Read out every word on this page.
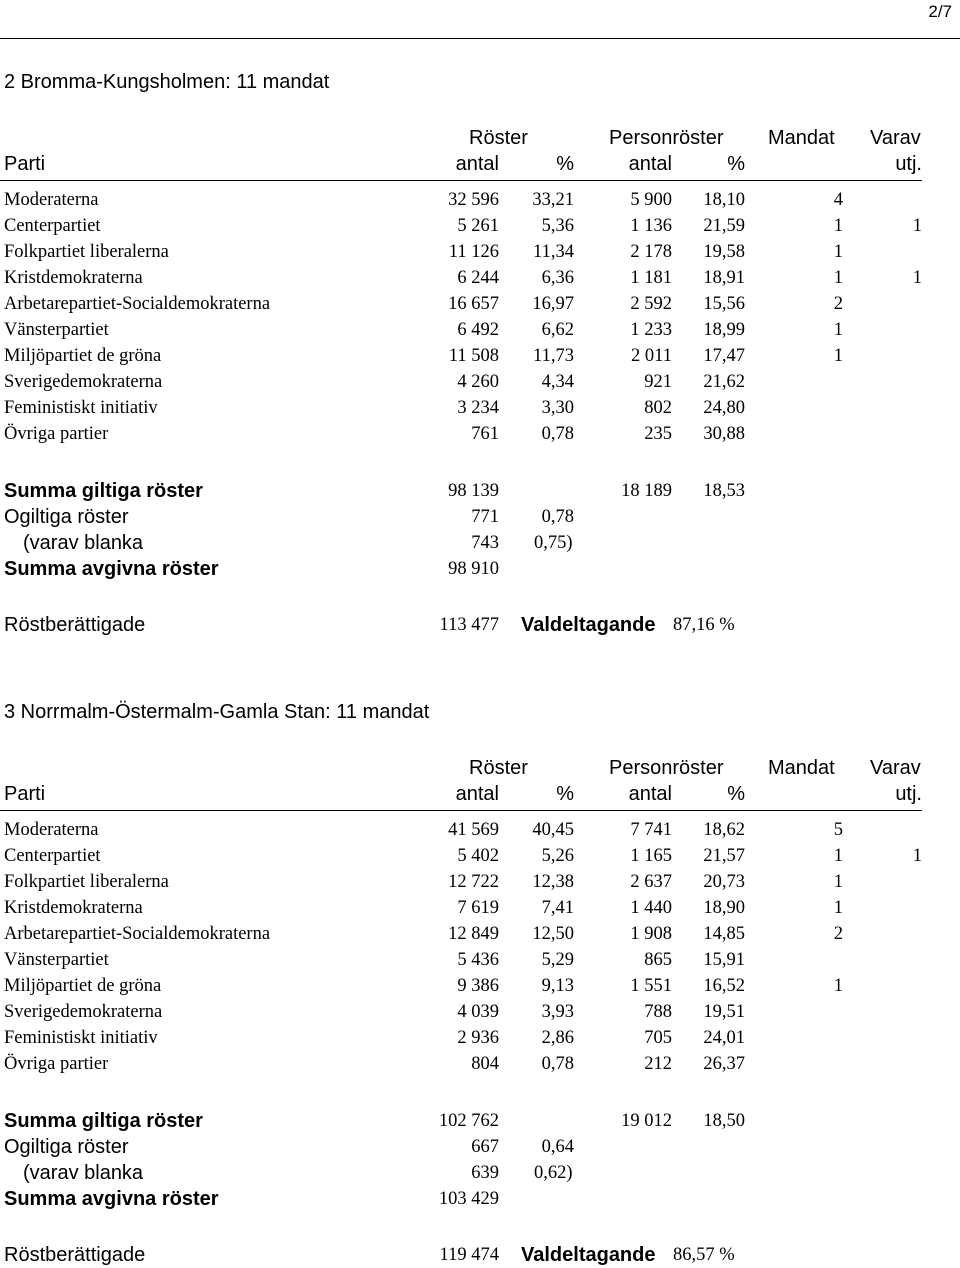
2/7
2 Bromma-Kungsholmen: 11 mandat
Röster	Personröster Mandat Varav
Parti	antal	%	antal	%	utj.
Moderaterna	32 596 33,21	5 900 18,10	4
Centerpartiet	5 261 5,36	1 136 21,59	1	1
Folkpartiet liberalerna	11 126 11,34	2 178 19,58	1
Kristdemokraterna	6 244 6,36	1 181 18,91	1	1
Arbetarepartiet-Socialdemokraterna	16 657 16,97	2 592 15,56	2
Vänsterpartiet	6 492 6,62	1 233 18,99	1
Miljöpartiet de gröna	11 508 11,73	2 011 17,47	1
Sverigedemokraterna	4 260 4,34	921 21,62
Feministiskt initiativ	3 234 3,30	802 24,80
Övriga partier	761 0,78	235 30,88
Summa giltiga röster	98 139	18 189 18,53
Ogiltiga röster	771 0,78
(varav blanka	743 0,75)
Summa avgivna röster	98 910
Röstberättigade	113 477 Valdeltagande 87,16 %
3 Norrmalm-Östermalm-Gamla Stan: 11 mandat
Röster	Personröster Mandat Varav
Parti	antal	%	antal	%	utj.
Moderaterna	41 569 40,45	7 741 18,62	5
Centerpartiet	5 402 5,26	1 165 21,57	1	1
Folkpartiet liberalerna	12 722 12,38	2 637 20,73	1
Kristdemokraterna	7 619 7,41	1 440 18,90	1
Arbetarepartiet-Socialdemokraterna	12 849 12,50	1 908 14,85	2
Vänsterpartiet	5 436 5,29	865 15,91
Miljöpartiet de gröna	9 386 9,13	1 551 16,52	1
Sverigedemokraterna	4 039 3,93	788 19,51
Feministiskt initiativ	2 936 2,86	705 24,01
Övriga partier	804 0,78	212 26,37
Summa giltiga röster	102 762	19 012 18,50
Ogiltiga röster	667 0,64
(varav blanka	639 0,62)
Summa avgivna röster	103 429
Röstberättigade	119 474 Valdeltagande 86,57 %
